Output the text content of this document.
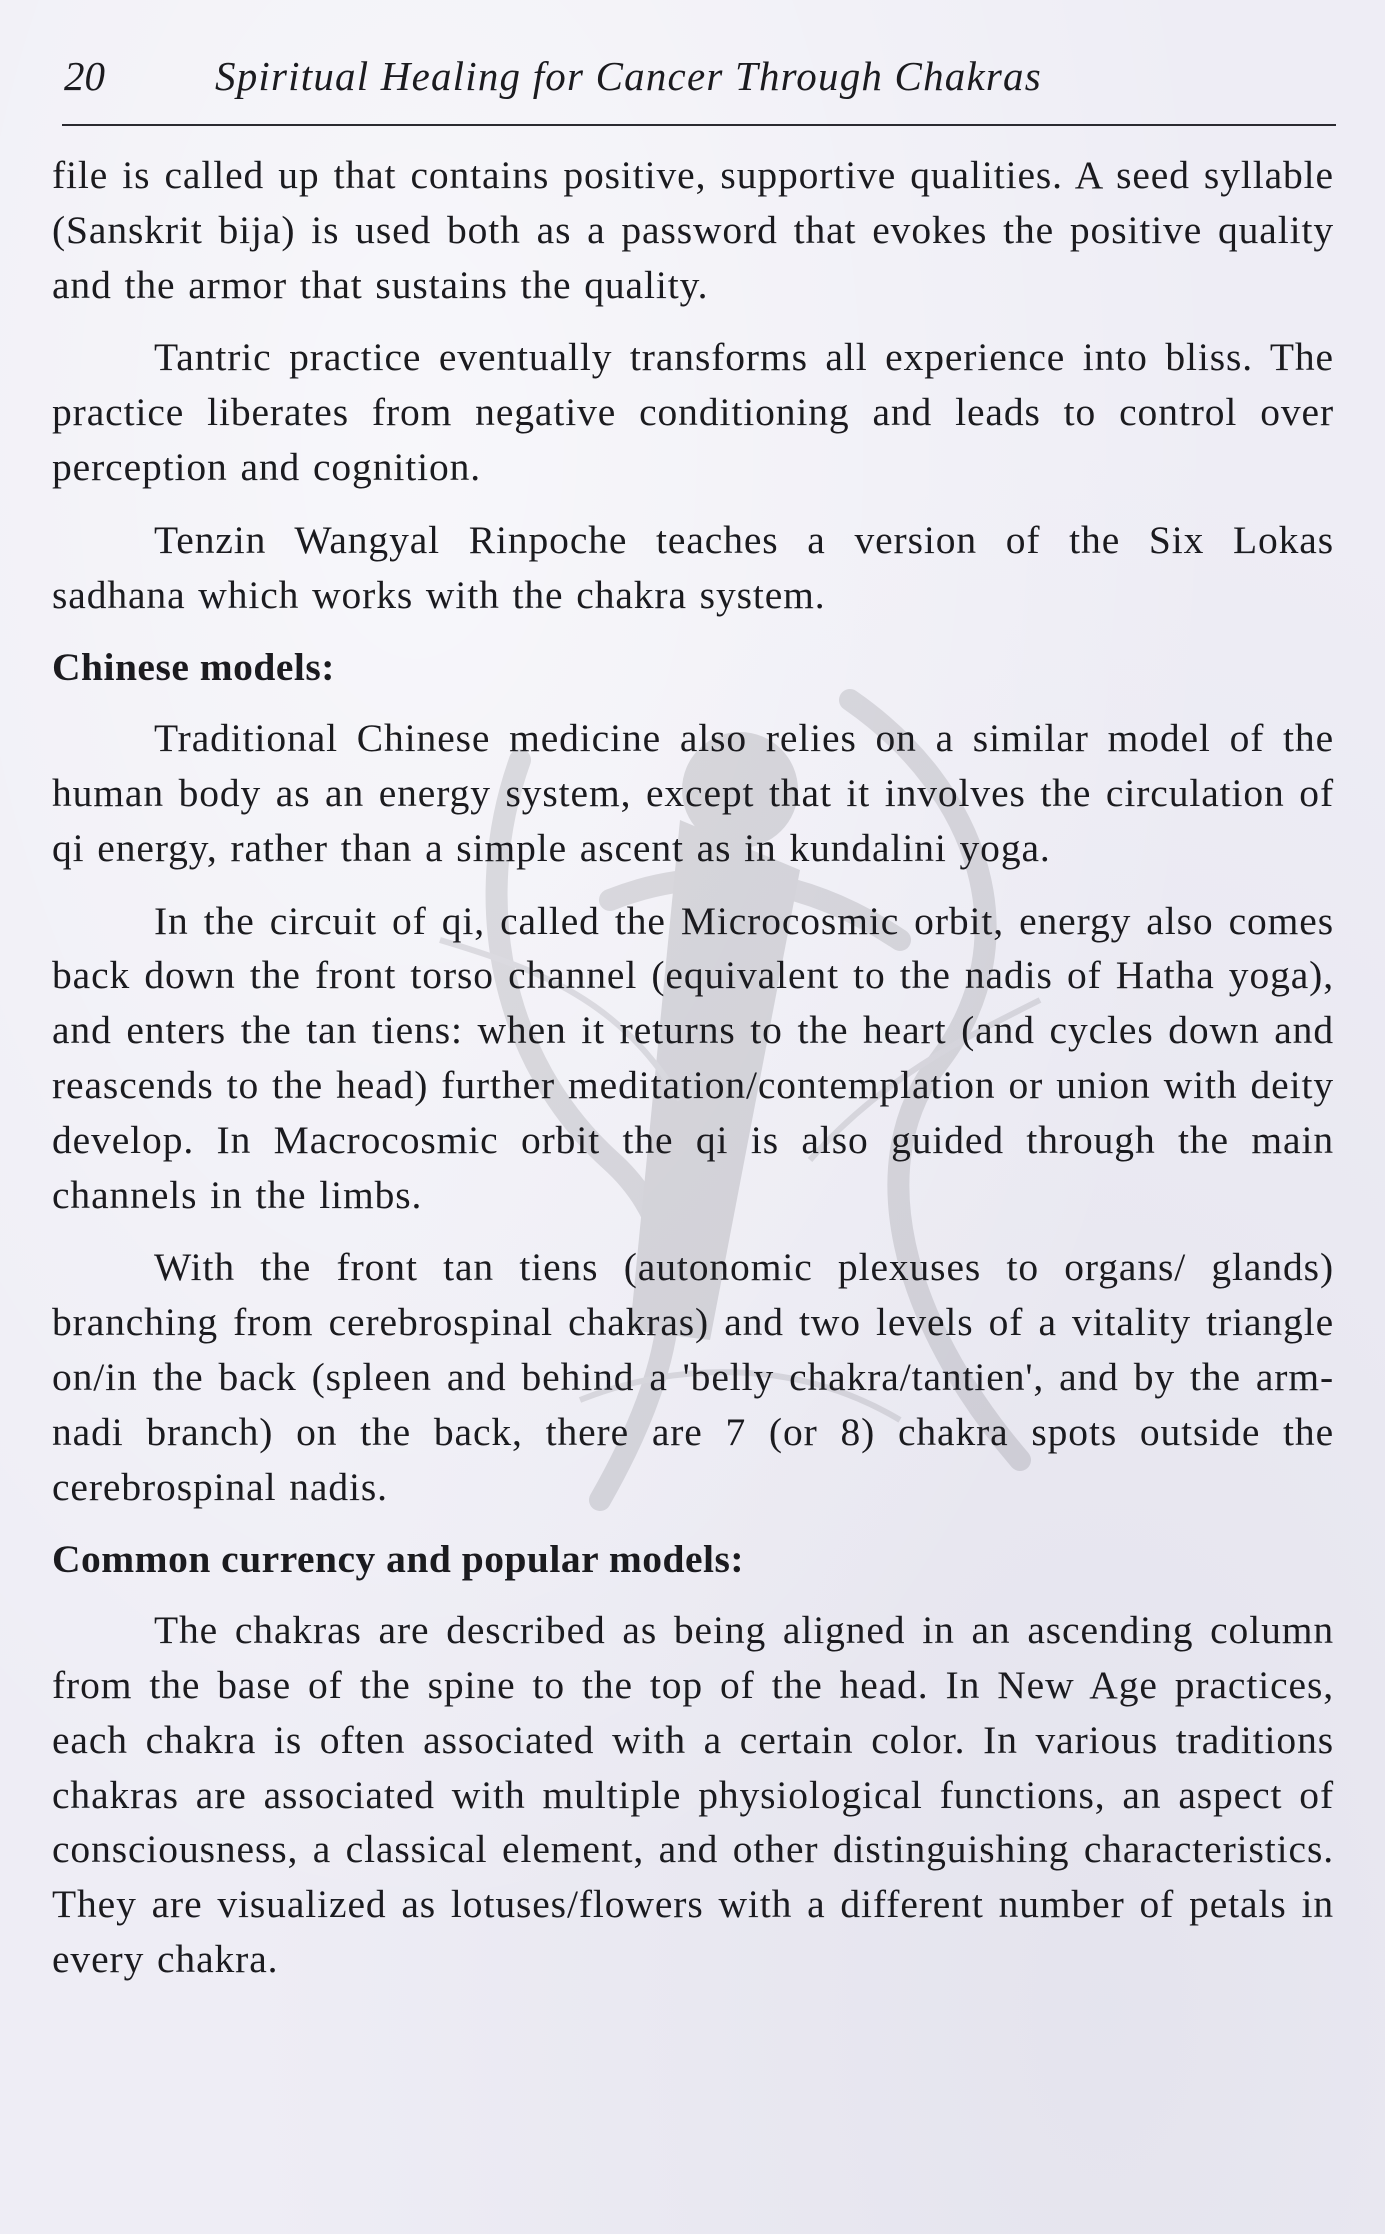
20	Spiritual Healing for Cancer Through Chakras

file is called up that contains positive, supportive qualities. A seed syllable (Sanskrit bija) is used both as a password that evokes the positive quality and the armor that sustains the quality.

Tantric practice eventually transforms all experience into bliss. The practice liberates from negative conditioning and leads to control over perception and cognition.

Tenzin Wangyal Rinpoche teaches a version of the Six Lokas sadhana which works with the chakra system.

Chinese models:

Traditional Chinese medicine also relies on a similar model of the human body as an energy system, except that it involves the circulation of qi energy, rather than a simple ascent as in kundalini yoga.

In the circuit of qi, called the Microcosmic orbit, energy also comes back down the front torso channel (equivalent to the nadis of Hatha yoga), and enters the tan tiens: when it returns to the heart (and cycles down and reascends to the head) further meditation/contemplation or union with deity develop. In Macrocosmic orbit the qi is also guided through the main channels in the limbs.

With the front tan tiens (autonomic plexuses to organs/ glands) branching from cerebrospinal chakras) and two levels of a vitality triangle on/in the back (spleen and behind a 'belly chakra/tantien', and by the arm-nadi branch) on the back, there are 7 (or 8) chakra spots outside the cerebrospinal nadis.

Common currency and popular models:

The chakras are described as being aligned in an ascending column from the base of the spine to the top of the head. In New Age practices, each chakra is often associated with a certain color. In various traditions chakras are associated with multiple physiological functions, an aspect of consciousness, a classical element, and other distinguishing characteristics. They are visualized as lotuses/flowers with a different number of petals in every chakra.
